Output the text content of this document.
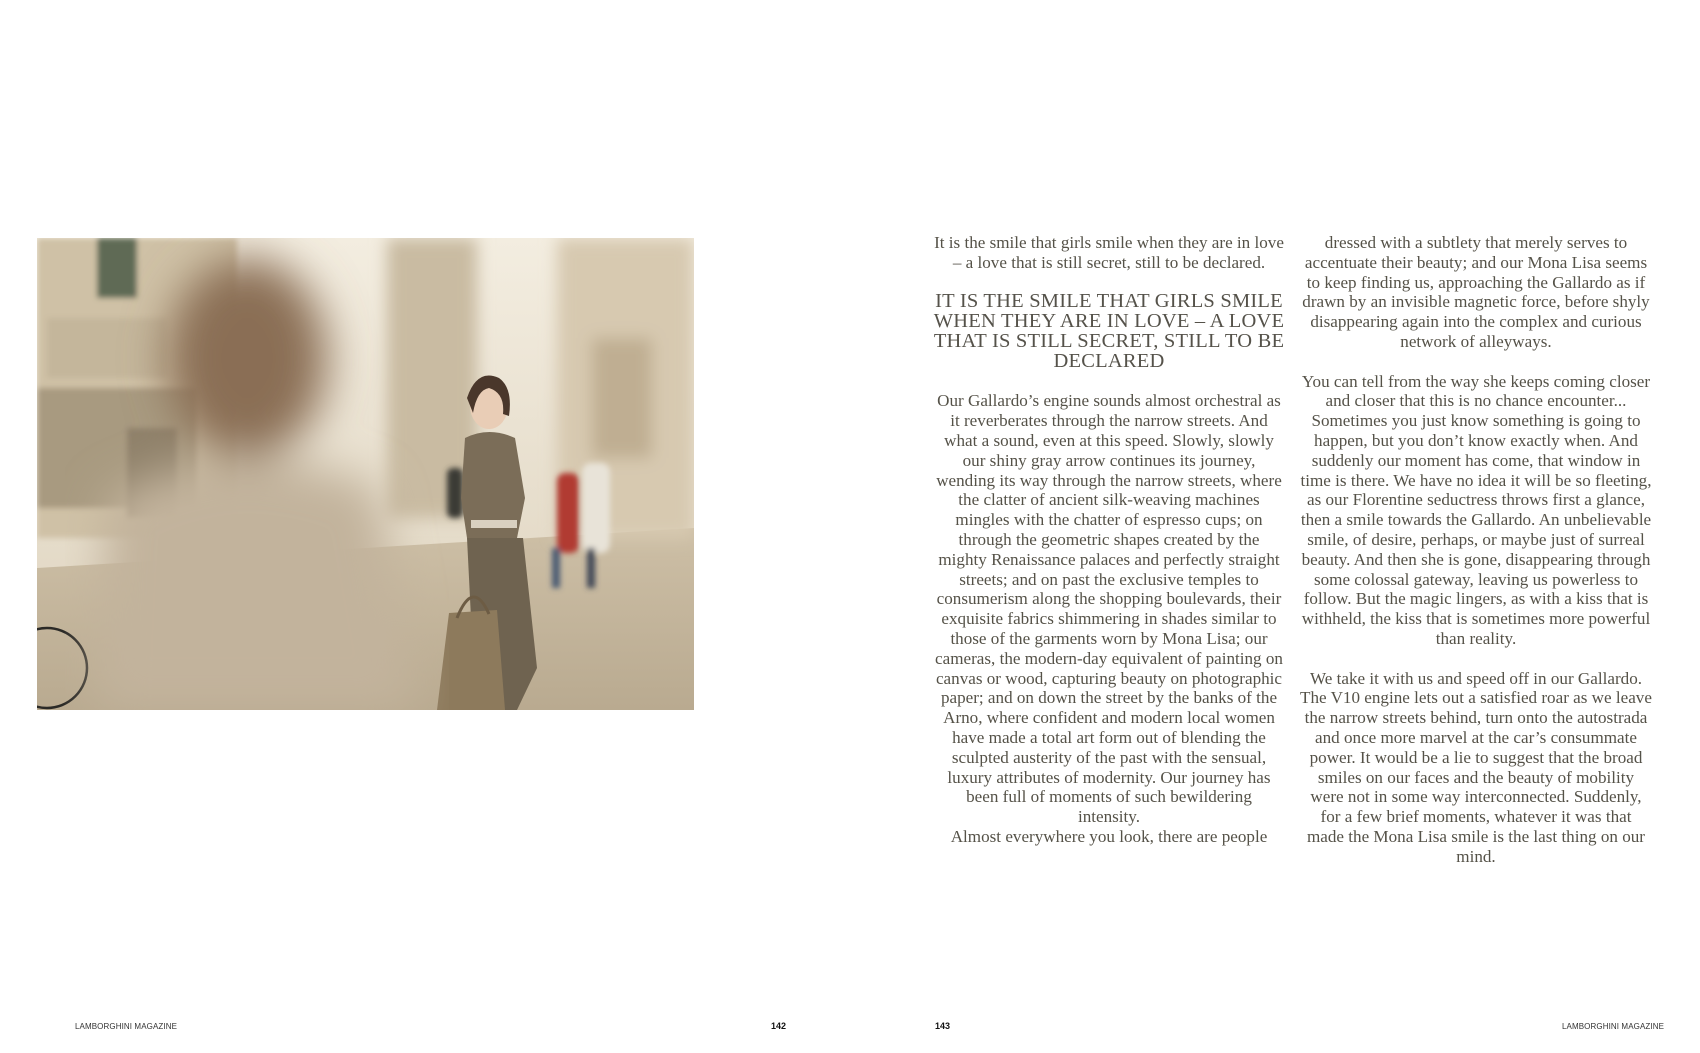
It is the smile that girls smile when they are in love – a love that is still secret, still to be declared.

IT IS THE SMILE THAT GIRLS SMILE WHEN THEY ARE IN LOVE – A LOVE THAT IS STILL SECRET, STILL TO BE DECLARED

Our Gallardo’s engine sounds almost orchestral as it reverberates through the narrow streets. And what a sound, even at this speed. Slowly, slowly our shiny gray arrow continues its journey, wending its way through the narrow streets, where the clatter of ancient silk-weaving machines mingles with the chatter of espresso cups; on through the geometric shapes created by the mighty Renaissance palaces and perfectly straight streets; and on past the exclusive temples to consumerism along the shopping boulevards, their exquisite fabrics shimmering in shades similar to those of the garments worn by Mona Lisa; our cameras, the modern-day equivalent of painting on canvas or wood, capturing beauty on photographic paper; and on down the street by the banks of the Arno, where confident and modern local women have made a total art form out of blending the sculpted austerity of the past with the sensual, luxury attributes of modernity. Our journey has been full of moments of such bewildering intensity.

Almost everywhere you look, there are people

dressed with a subtlety that merely serves to accentuate their beauty; and our Mona Lisa seems to keep finding us, approaching the Gallardo as if drawn by an invisible magnetic force, before shyly disappearing again into the complex and curious network of alleyways.

You can tell from the way she keeps coming closer and closer that this is no chance encounter... Sometimes you just know something is going to happen, but you don’t know exactly when. And suddenly our moment has come, that window in time is there. We have no idea it will be so fleeting, as our Florentine seductress throws first a glance, then a smile towards the Gallardo. An unbelievable smile, of desire, perhaps, or maybe just of surreal beauty. And then she is gone, disappearing through some colossal gateway, leaving us powerless to follow. But the magic lingers, as with a kiss that is withheld, the kiss that is sometimes more powerful than reality.

We take it with us and speed off in our Gallardo. The V10 engine lets out a satisfied roar as we leave the narrow streets behind, turn onto the autostrada and once more marvel at the car’s consummate power. It would be a lie to suggest that the broad smiles on our faces and the beauty of mobility were not in some way interconnected. Suddenly, for a few brief moments, whatever it was that made the Mona Lisa smile is the last thing on our mind.

LAMBORGHINI MAGAZINE	142	143	LAMBORGHINI MAGAZINE
